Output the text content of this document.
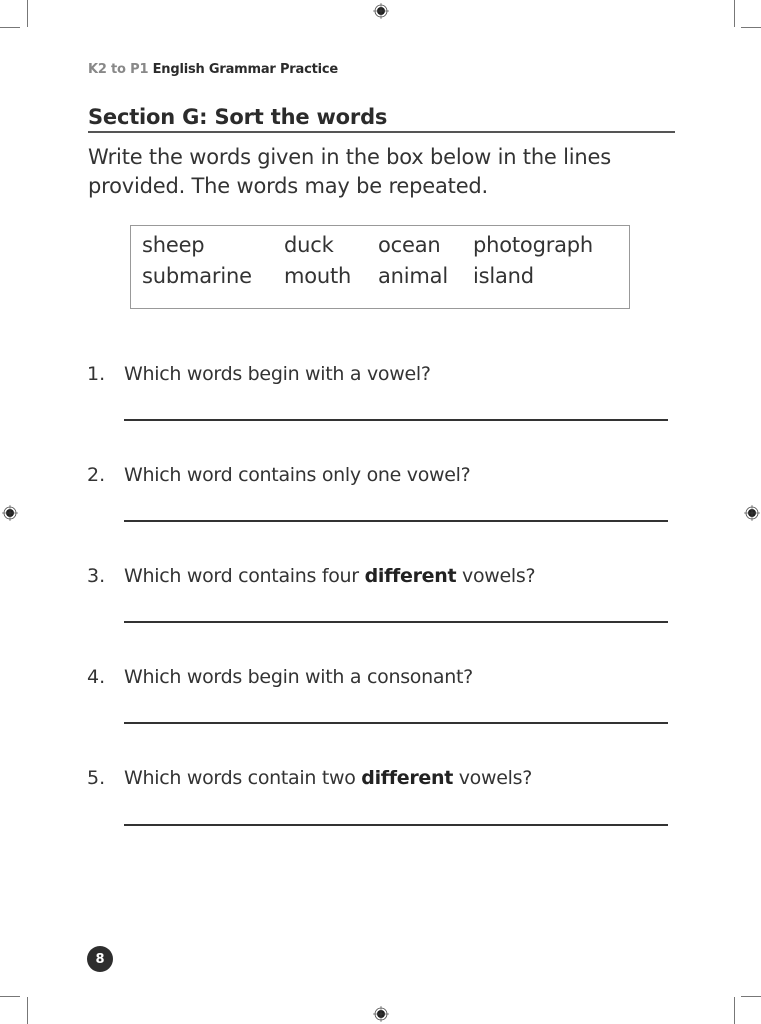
K2 to P1 English Grammar Practice
Section G: Sort the words
Write the words given in the box below in the lines provided. The words may be repeated.
sheep	duck ocean photograph
submarine mouth animal island
1. Which words begin with a vowel?
2. Which word contains only one vowel?
3. Which word contains four different vowels?
4. Which words begin with a consonant?
5. Which words contain two different vowels?
8
